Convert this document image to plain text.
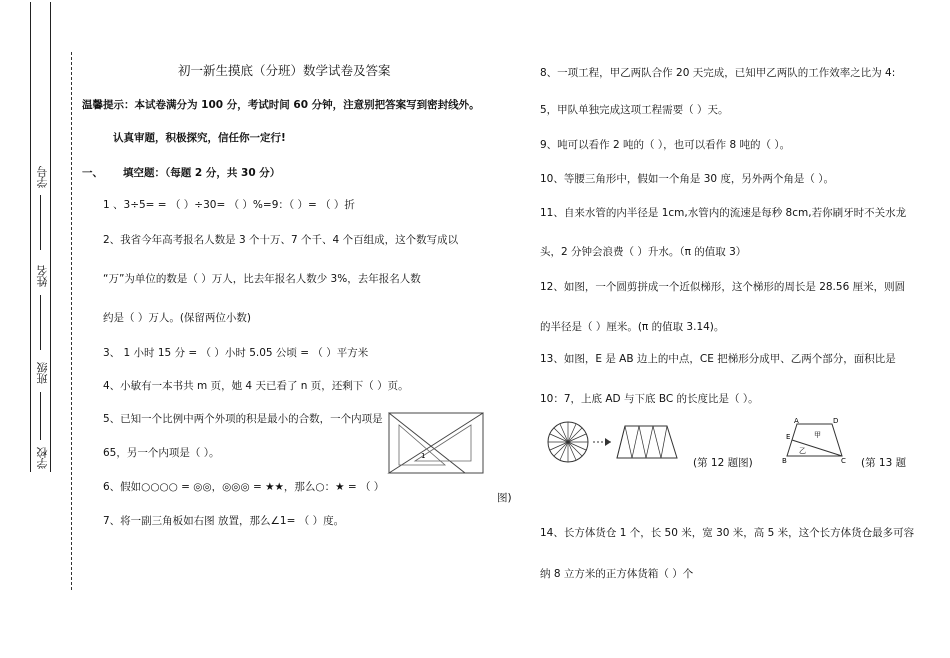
学号
姓名
班级
学校
初一新生摸底（分班）数学试卷及答案
温馨提示：本试卷满分为 100 分，考试时间 60 分钟，注意别把答案写到密封线外。
认真审题，积极探究，信任你一定行!
一、 填空题：（每题 2 分，共 30 分）
1 、3÷5= = （ ）÷30= （ ）%=9：（ ）= （ ）折
2、我省今年高考报名人数是 3 个十万、7 个千、4 个百组成，这个数写成以
“万”为单位的数是（ ）万人，比去年报名人数少 3%，去年报名人数
约是（ ）万人。(保留两位小数)
3、 1 小时 15 分 = （ ）小时 5.05 公顷 = （ ）平方米
4、小敏有一本书共 m 页，她 4 天已看了 n 页，还剩下（ ）页。
5、已知一个比例中两个外项的积是最小的合数，一个内项是
65，另一个内项是（ ）。
6、假如○○○○ = ◎◎，◎◎◎ = ★★，那么○：★ = （ ）
7、将一副三角板如右图 放置，那么∠1= （ ）度。
1
8、一项工程，甲乙两队合作 20 天完成，已知甲乙两队的工作效率之比为 4:
5，甲队单独完成这项工程需要（ ）天。
9、吨可以看作 2 吨的（ ），也可以看作 8 吨的（ ）。
10、等腰三角形中，假如一个角是 30 度，另外两个角是（ ）。
11、自来水管的内半径是 1cm,水管内的流速是每秒 8cm,若你刷牙时不关水龙
头，2 分钟会浪费（ ）升水。（π 的值取 3）
12、如图，一个圆剪拼成一个近似梯形，这个梯形的周长是 28.56 厘米，则圆
的半径是（ ）厘米。(π 的值取 3.14)。
13、如图，E 是 AB 边上的中点，CE 把梯形分成甲、乙两个部分，面积比是
10：7，上底 AD 与下底 BC 的长度比是（ ）。
(第 12 题图)
A	D
E	甲
乙
B	C (第 13 题
图)
14、长方体货仓 1 个，长 50 米，宽 30 米，高 5 米，这个长方体货仓最多可容
纳 8 立方米的正方体货箱（ ）个
